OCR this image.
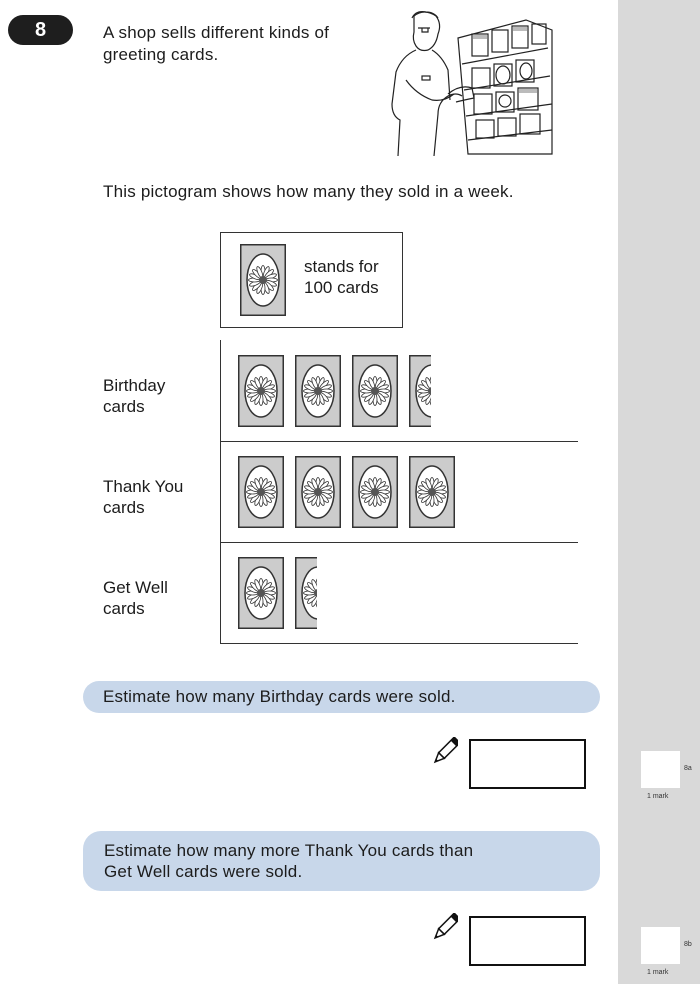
8	A shop sells different kinds of
greeting cards.
This pictogram shows how many they sold in a week.
stands for
100 cards
Birthday
cards
Thank You
cards
Get Well
cards
Estimate how many Birthday cards were sold.
Estimate how many more Thank You cards than
Get Well cards were sold.
8a
1 mark
8b
1 mark
